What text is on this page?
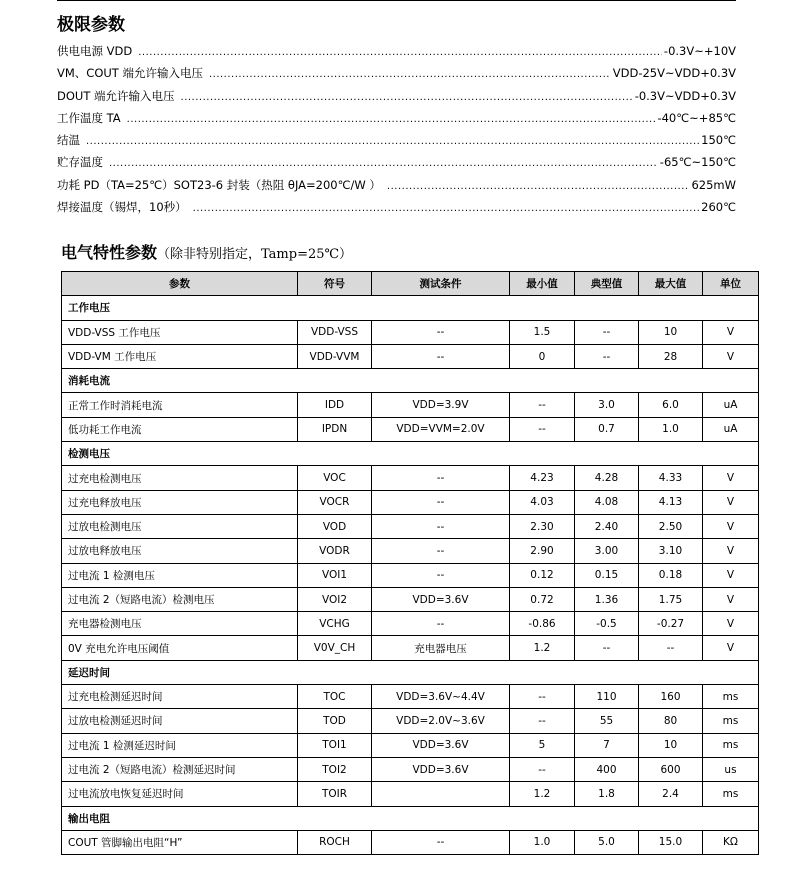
极限参数
供电电源 VDD .....	-0.3V~+10V
VM、COUT 端允许输入电压 .....	VDD-25V~VDD+0.3V
DOUT 端允许输入电压 .....	-0.3V~VDD+0.3V
工作温度 TA .....	-40℃~+85℃
结温 .....	150℃
贮存温度 .....	-65℃~150℃
功耗 PD（TA=25℃）SOT23-6 封装（热阻 θJA=200℃/W ） .....	625mW
焊接温度（锡焊，10秒） .....	260℃
电气特性参数（除非特别指定，Tamp=25℃）
参数	符号	测试条件	最小值	典型值	最大值	单位
工作电压						
VDD-VSS 工作电压	VDD-VSS	--	1.5	--	10	V
VDD-VM 工作电压	VDD-VVM	--	0	--	28	V
消耗电流						
正常工作时消耗电流	IDD	VDD=3.9V	--	3.0	6.0	uA
低功耗工作电流	IPDN	VDD=VVM=2.0V	--	0.7	1.0	uA
检测电压						
过充电检测电压	VOC	--	4.23	4.28	4.33	V
过充电释放电压	VOCR	--	4.03	4.08	4.13	V
过放电检测电压	VOD	--	2.30	2.40	2.50	V
过放电释放电压	VODR	--	2.90	3.00	3.10	V
过电流 1 检测电压	VOI1	--	0.12	0.15	0.18	V
过电流 2（短路电流）检测电压	VOI2	VDD=3.6V	0.72	1.36	1.75	V
充电器检测电压	VCHG	--	-0.86	-0.5	-0.27	V
0V 充电允许电压阈值	V0V_CH	充电器电压	1.2	--	--	V
延迟时间						
过充电检测延迟时间	TOC	VDD=3.6V~4.4V	--	110	160	ms
过放电检测延迟时间	TOD	VDD=2.0V~3.6V	--	55	80	ms
过电流 1 检测延迟时间	TOI1	VDD=3.6V	5	7	10	ms
过电流 2（短路电流）检测延迟时间	TOI2	VDD=3.6V	--	400	600	us
过电流放电恢复延迟时间	TOIR		1.2	1.8	2.4	ms
输出电阻						
COUT 管脚输出电阻“H”	ROCH	--	1.0	5.0	15.0	KΩ
